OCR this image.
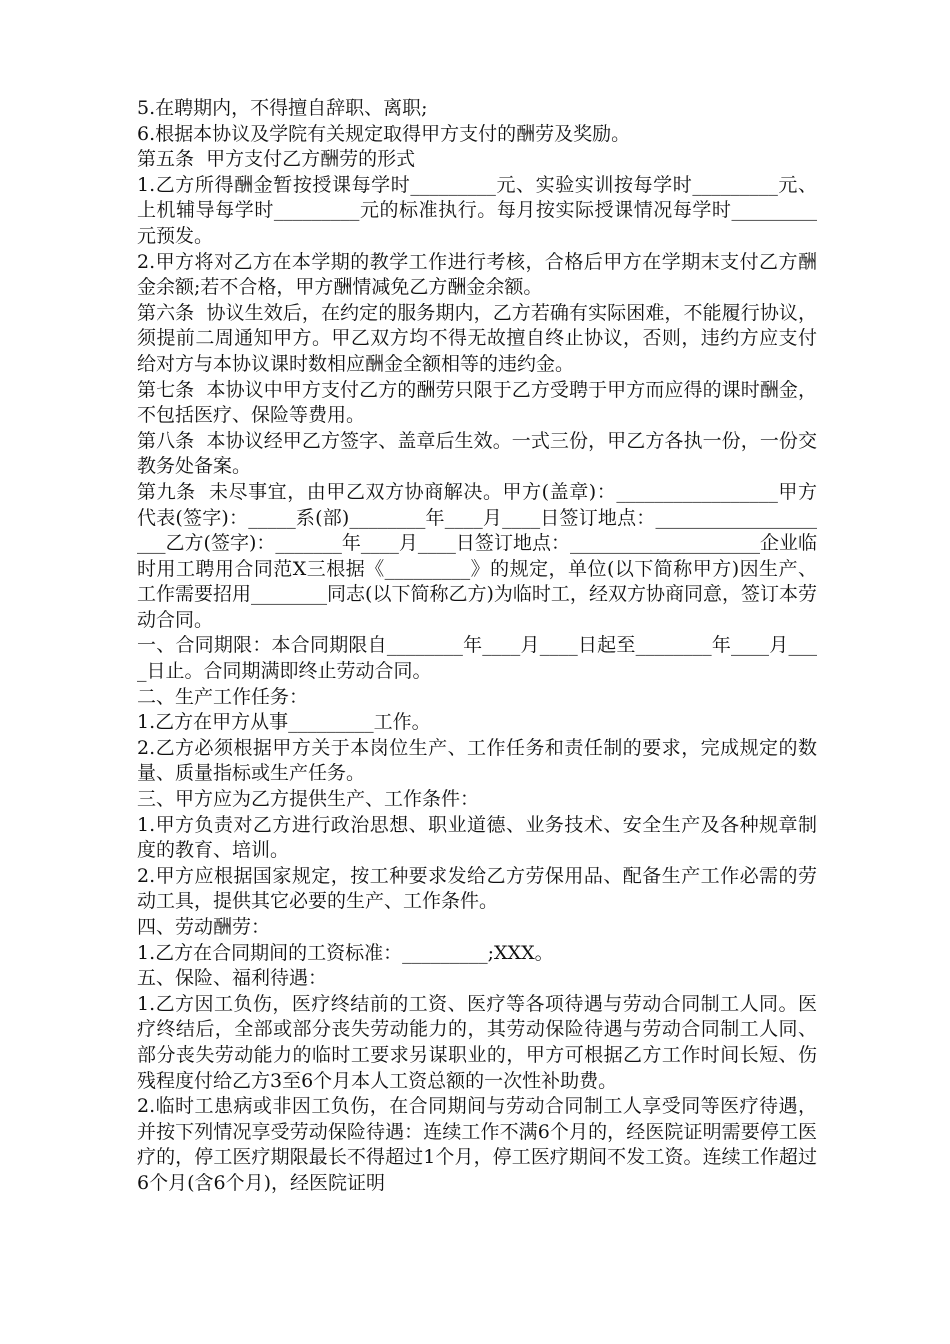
5.在聘期内，不得擅自辞职、离职;

6.根据本协议及学院有关规定取得甲方支付的酬劳及奖励。

第五条  甲方支付乙方酬劳的形式

1.乙方所得酬金暂按授课每学时_________元、实验实训按每学时_________元、上机辅导每学时_________元的标准执行。每月按实际授课情况每学时_________元预发。

2.甲方将对乙方在本学期的教学工作进行考核，合格后甲方在学期末支付乙方酬金余额;若不合格，甲方酬情减免乙方酬金余额。

第六条  协议生效后，在约定的服务期内，乙方若确有实际困难，不能履行协议，须提前二周通知甲方。甲乙双方均不得无故擅自终止协议，否则，违约方应支付给对方与本协议课时数相应酬金全额相等的违约金。

第七条  本协议中甲方支付乙方的酬劳只限于乙方受聘于甲方而应得的课时酬金，不包括医疗、保险等费用。

第八条  本协议经甲乙方签字、盖章后生效。一式三份，甲乙方各执一份，一份交教务处备案。

第九条  未尽事宜，由甲乙双方协商解决。甲方(盖章)：_________________甲方代表(签字)：_____系(部)________年____月____日签订地点：____________________乙方(签字)：_______年____月____日签订地点：____________________企业临时用工聘用合同范X三根据《_________》的规定，单位(以下简称甲方)因生产、工作需要招用________同志(以下简称乙方)为临时工，经双方协商同意，签订本劳动合同。

一、合同期限：本合同期限自________年____月____日起至________年____月____日止。合同期满即终止劳动合同。

二、生产工作任务：

1.乙方在甲方从事_________工作。

2.乙方必须根据甲方关于本岗位生产、工作任务和责任制的要求，完成规定的数量、质量指标或生产任务。

三、甲方应为乙方提供生产、工作条件：

1.甲方负责对乙方进行政治思想、职业道德、业务技术、安全生产及各种规章制度的教育、培训。

2.甲方应根据国家规定，按工种要求发给乙方劳保用品、配备生产工作必需的劳动工具，提供其它必要的生产、工作条件。

四、劳动酬劳：

1.乙方在合同期间的工资标准：_________;XXX。

五、保险、福利待遇：

1.乙方因工负伤，医疗终结前的工资、医疗等各项待遇与劳动合同制工人同。医疗终结后，全部或部分丧失劳动能力的，其劳动保险待遇与劳动合同制工人同、部分丧失劳动能力的临时工要求另谋职业的，甲方可根据乙方工作时间长短、伤残程度付给乙方3至6个月本人工资总额的一次性补助费。

2.临时工患病或非因工负伤，在合同期间与劳动合同制工人享受同等医疗待遇，并按下列情况享受劳动保险待遇：连续工作不满6个月的，经医院证明需要停工医疗的，停工医疗期限最长不得超过1个月，停工医疗期间不发工资。连续工作超过6个月(含6个月)，经医院证明
